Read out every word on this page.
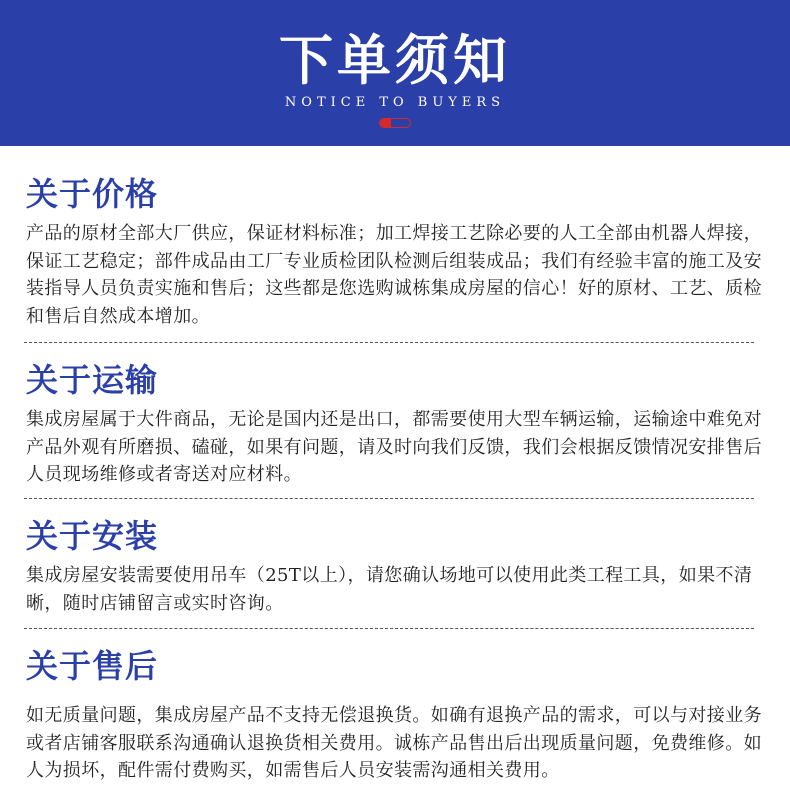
下单须知
NOTICE TO BUYERS
关于价格

产品的原材全部大厂供应，保证材料标准；加工焊接工艺除必要的人工全部由机器人焊接，保证工艺稳定；部件成品由工厂专业质检团队检测后组装成品；我们有经验丰富的施工及安装指导人员负责实施和售后；这些都是您选购诚栋集成房屋的信心！好的原材、工艺、质检和售后自然成本增加。

关于运输

集成房屋属于大件商品，无论是国内还是出口，都需要使用大型车辆运输，运输途中难免对产品外观有所磨损、磕碰，如果有问题，请及时向我们反馈，我们会根据反馈情况安排售后人员现场维修或者寄送对应材料。

关于安装

集成房屋安装需要使用吊车（25T以上），请您确认场地可以使用此类工程工具，如果不清晰，随时店铺留言或实时咨询。

关于售后

如无质量问题，集成房屋产品不支持无偿退换货。如确有退换产品的需求，可以与对接业务或者店铺客服联系沟通确认退换货相关费用。诚栋产品售出后出现质量问题，免费维修。如人为损坏，配件需付费购买，如需售后人员安装需沟通相关费用。
